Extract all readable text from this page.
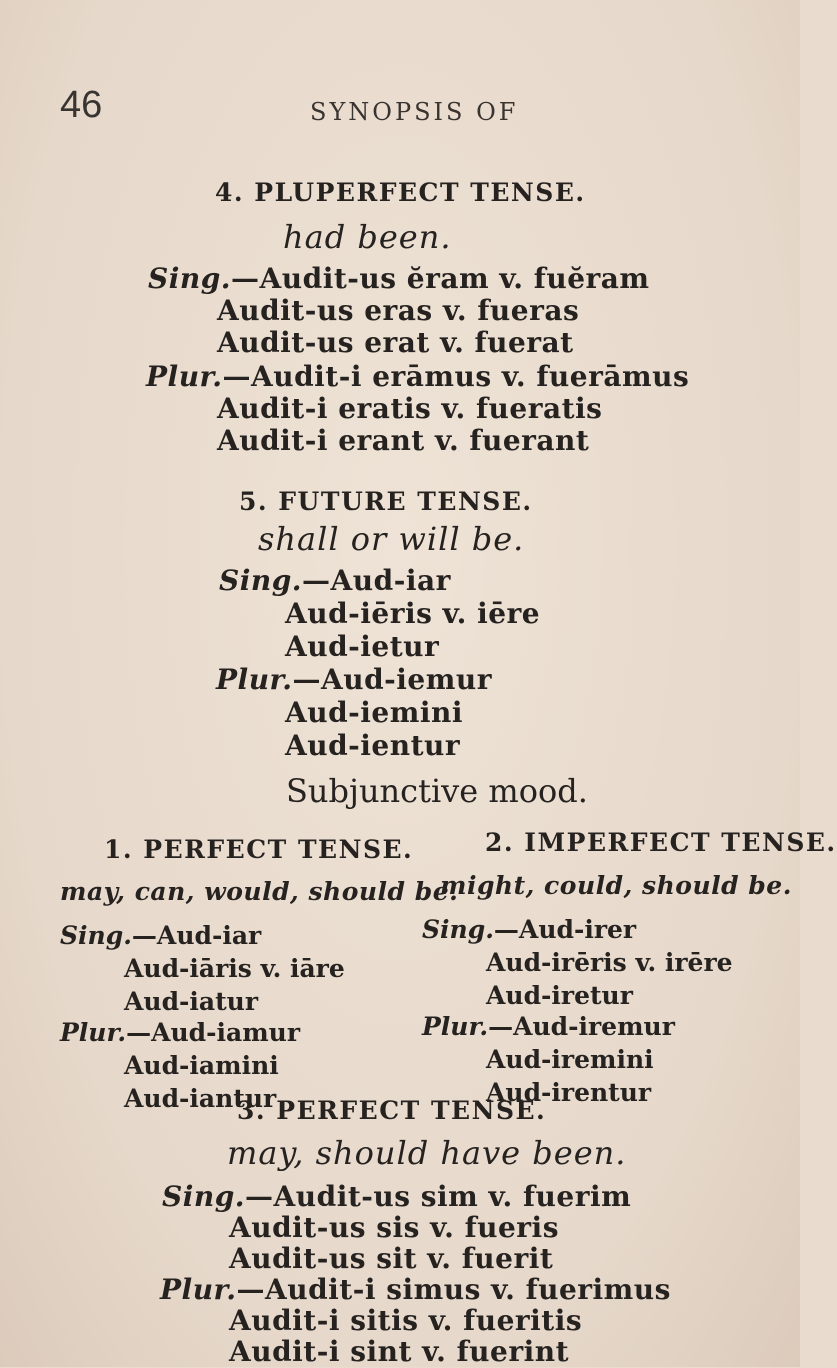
46	SYNOPSIS OF
4. PLUPERFECT TENSE.
had been.
Sing.—Audit-us ĕram v. fuĕram
Audit-us eras v. fueras
Audit-us erat v. fuerat
Plur.—Audit-i erāmus v. fuerāmus
Audit-i eratis v. fueratis
Audit-i erant v. fuerant
5. FUTURE TENSE.
shall or will be.
Sing.—Aud-iar
Aud-iēris v. iēre
Aud-ietur
Plur.—Aud-iemur
Aud-iemini
Aud-ientur
Subjunctive mood.
1. PERFECT TENSE.
may, can, would, should be.
Sing.—Aud-iar
Aud-iāris v. iāre
Aud-iatur
Plur.—Aud-iamur
Aud-iamini
Aud-iantur
2. IMPERFECT TENSE.
might, could, should be.
Sing.—Aud-irer
Aud-irēris v. irēre
Aud-iretur
Plur.—Aud-iremur
Aud-iremini
Aud-irentur
3. PERFECT TENSE.
may, should have been.
Sing.—Audit-us sim v. fuerim
Audit-us sis v. fueris
Audit-us sit v. fuerit
Plur.—Audit-i simus v. fuerimus
Audit-i sitis v. fueritis
Audit-i sint v. fuerint
